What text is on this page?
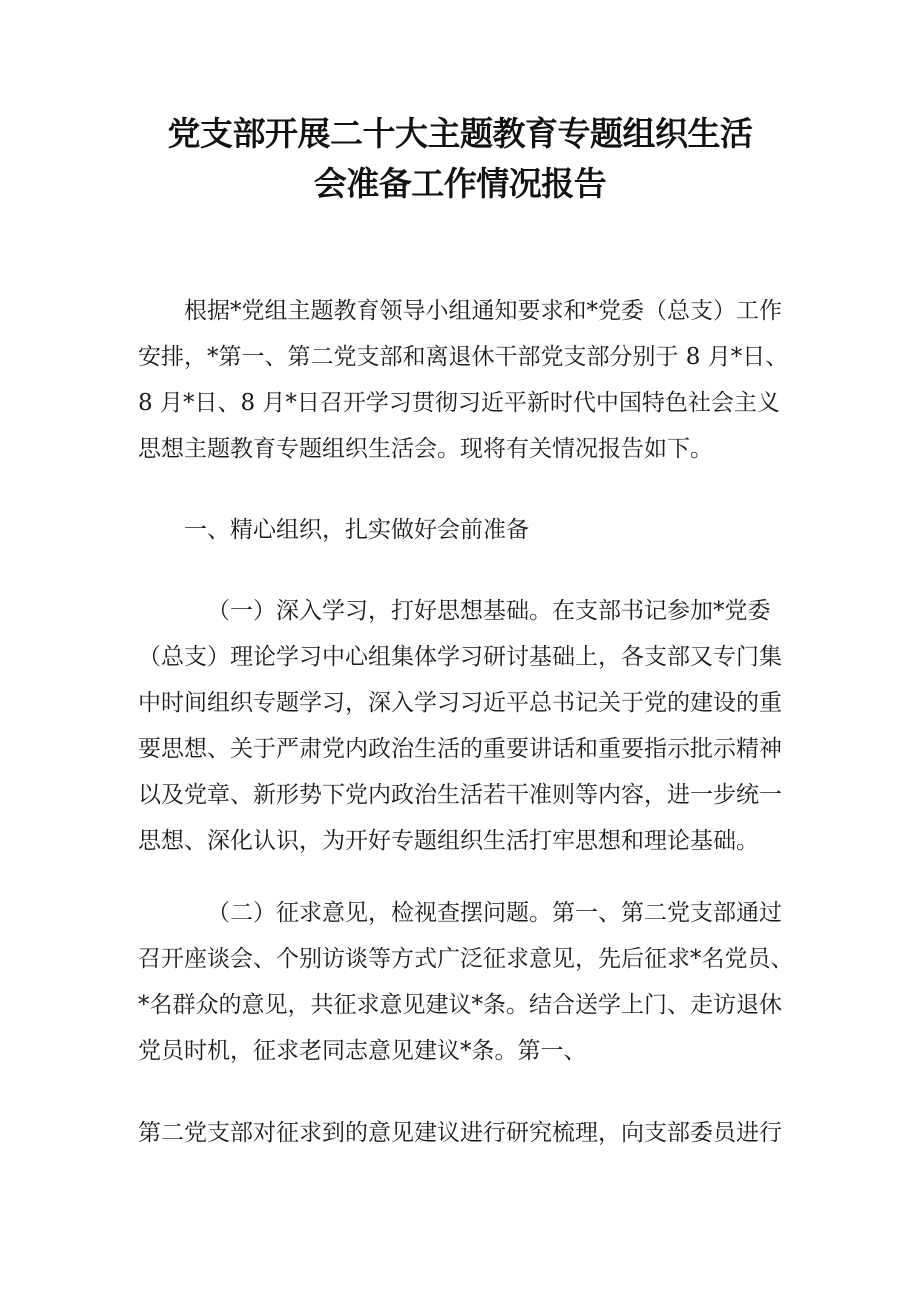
党支部开展二十大主题教育专题组织生活
会准备工作情况报告
根据*党组主题教育领导小组通知要求和*党委（总支）工作
安排，*第一、第二党支部和离退休干部党支部分别于 8 月*日、
8 月*日、8 月*日召开学习贯彻习近平新时代中国特色社会主义
思想主题教育专题组织生活会。现将有关情况报告如下。
一、精心组织，扎实做好会前准备
（一）深入学习，打好思想基础。在支部书记参加*党委
（总支）理论学习中心组集体学习研讨基础上，各支部又专门集
中时间组织专题学习，深入学习习近平总书记关于党的建设的重
要思想、关于严肃党内政治生活的重要讲话和重要指示批示精神
以及党章、新形势下党内政治生活若干准则等内容，进一步统一
思想、深化认识，为开好专题组织生活打牢思想和理论基础。
（二）征求意见，检视查摆问题。第一、第二党支部通过
召开座谈会、个别访谈等方式广泛征求意见，先后征求*名党员、
*名群众的意见，共征求意见建议*条。结合送学上门、走访退休
党员时机，征求老同志意见建议*条。第一、
第二党支部对征求到的意见建议进行研究梳理，向支部委员进行
